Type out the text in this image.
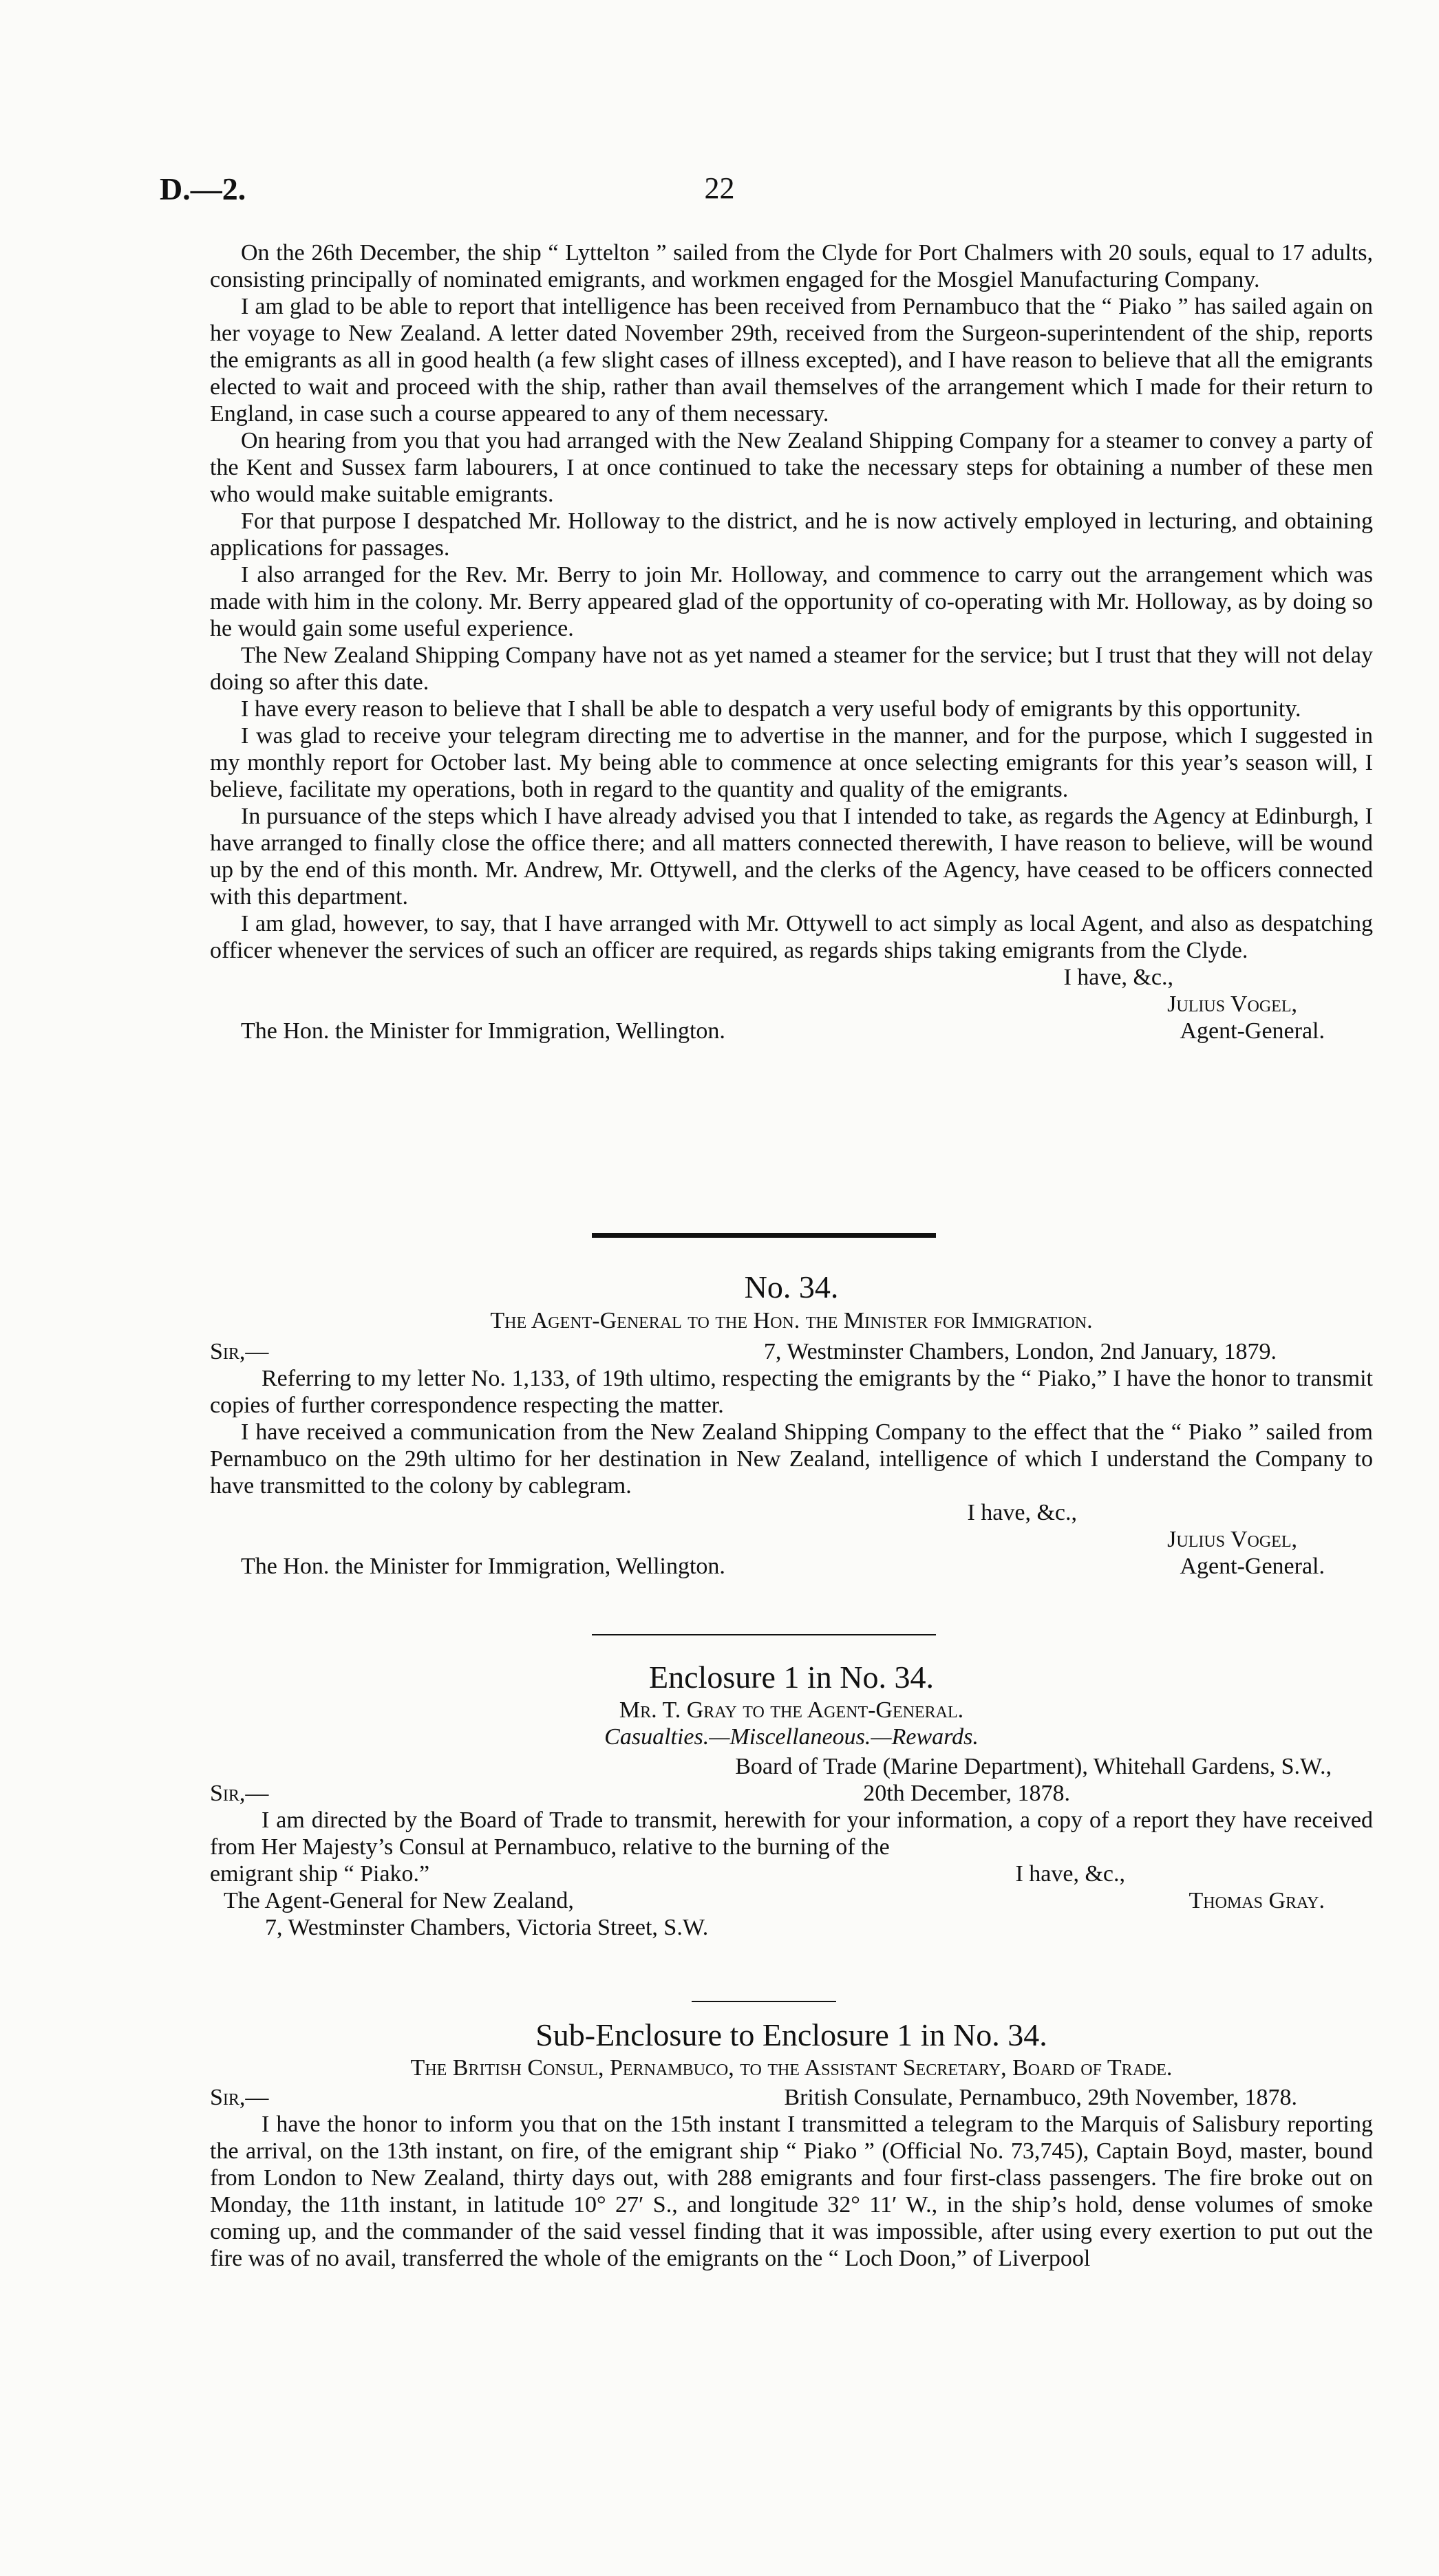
D.—2.	22

On the 26th December, the ship “ Lyttelton ” sailed from the Clyde for Port Chalmers with 20 souls, equal to 17 adults, consisting principally of nominated emigrants, and workmen engaged for the Mosgiel Manufacturing Company.

I am glad to be able to report that intelligence has been received from Pernambuco that the “ Piako ” has sailed again on her voyage to New Zealand. A letter dated November 29th, received from the Surgeon-superintendent of the ship, reports the emigrants as all in good health (a few slight cases of illness excepted), and I have reason to believe that all the emigrants elected to wait and proceed with the ship, rather than avail themselves of the arrangement which I made for their return to England, in case such a course appeared to any of them necessary.

On hearing from you that you had arranged with the New Zealand Shipping Company for a steamer to convey a party of the Kent and Sussex farm labourers, I at once continued to take the necessary steps for obtaining a number of these men who would make suitable emigrants.

For that purpose I despatched Mr. Holloway to the district, and he is now actively employed in lecturing, and obtaining applications for passages.

I also arranged for the Rev. Mr. Berry to join Mr. Holloway, and commence to carry out the arrangement which was made with him in the colony. Mr. Berry appeared glad of the opportunity of co-operating with Mr. Holloway, as by doing so he would gain some useful experience.

The New Zealand Shipping Company have not as yet named a steamer for the service; but I trust that they will not delay doing so after this date.

I have every reason to believe that I shall be able to despatch a very useful body of emigrants by this opportunity.

I was glad to receive your telegram directing me to advertise in the manner, and for the purpose, which I suggested in my monthly report for October last. My being able to commence at once selecting emigrants for this year’s season will, I believe, facilitate my operations, both in regard to the quantity and quality of the emigrants.

In pursuance of the steps which I have already advised you that I intended to take, as regards the Agency at Edinburgh, I have arranged to finally close the office there; and all matters connected therewith, I have reason to believe, will be wound up by the end of this month. Mr. Andrew, Mr. Ottywell, and the clerks of the Agency, have ceased to be officers connected with this department.

I am glad, however, to say, that I have arranged with Mr. Ottywell to act simply as local Agent, and also as despatching officer whenever the services of such an officer are required, as regards ships taking emigrants from the Clyde.

I have, &c.,
Julius Vogel,
The Hon. the Minister for Immigration, Wellington.	Agent-General.
No. 34.
The Agent-General to the Hon. the Minister for Immigration.
Sir,—	7, Westminster Chambers, London, 2nd January, 1879.

Referring to my letter No. 1,133, of 19th ultimo, respecting the emigrants by the “ Piako,” I have the honor to transmit copies of further correspondence respecting the matter.

I have received a communication from the New Zealand Shipping Company to the effect that the “ Piako ” sailed from Pernambuco on the 29th ultimo for her destination in New Zealand, intelligence of which I understand the Company to have transmitted to the colony by cablegram.

I have, &c.,
Julius Vogel,
The Hon. the Minister for Immigration, Wellington.	Agent-General.
Enclosure 1 in No. 34.
Mr. T. Gray to the Agent-General.
Casualties.—Miscellaneous.—Rewards.
Board of Trade (Marine Department), Whitehall Gardens, S.W.,
Sir,—	20th December, 1878.

I am directed by the Board of Trade to transmit, herewith for your information, a copy of a report they have received from Her Majesty’s Consul at Pernambuco, relative to the burning of the

emigrant ship “ Piako.”	I have, &c.,
The Agent-General for New Zealand,	Thomas Gray.
7, Westminster Chambers, Victoria Street, S.W.
Sub-Enclosure to Enclosure 1 in No. 34.
The British Consul, Pernambuco, to the Assistant Secretary, Board of Trade.
Sir,—	British Consulate, Pernambuco, 29th November, 1878.

I have the honor to inform you that on the 15th instant I transmitted a telegram to the Marquis of Salisbury reporting the arrival, on the 13th instant, on fire, of the emigrant ship “ Piako ” (Official No. 73,745), Captain Boyd, master, bound from London to New Zealand, thirty days out, with 288 emigrants and four first-class passengers. The fire broke out on Monday, the 11th instant, in latitude 10° 27′ S., and longitude 32° 11′ W., in the ship’s hold, dense volumes of smoke coming up, and the commander of the said vessel finding that it was impossible, after using every exertion to put out the fire was of no avail, transferred the whole of the emigrants on the “ Loch Doon,” of Liverpool
